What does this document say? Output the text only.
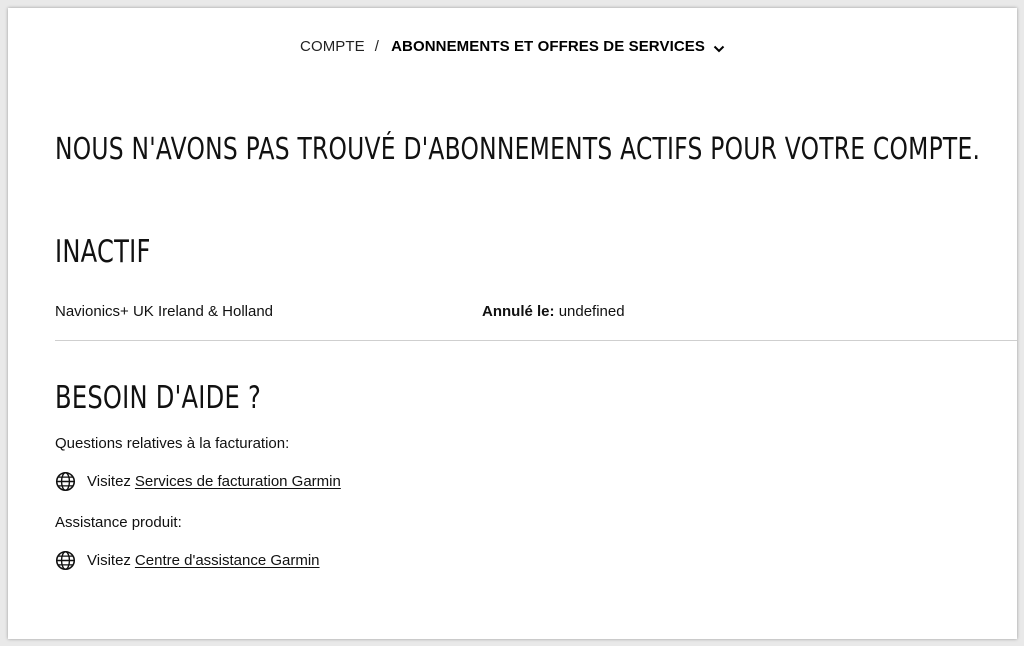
COMPTE / ABONNEMENTS ET OFFRES DE SERVICES
NOUS N'AVONS PAS TROUVÉ D'ABONNEMENTS ACTIFS POUR VOTRE COMPTE.
INACTIF
Navionics+ UK Ireland & Holland	Annulé le: undefined
BESOIN D'AIDE ?
Questions relatives à la facturation:
Visitez Services de facturation Garmin
Assistance produit:
Visitez Centre d'assistance Garmin
